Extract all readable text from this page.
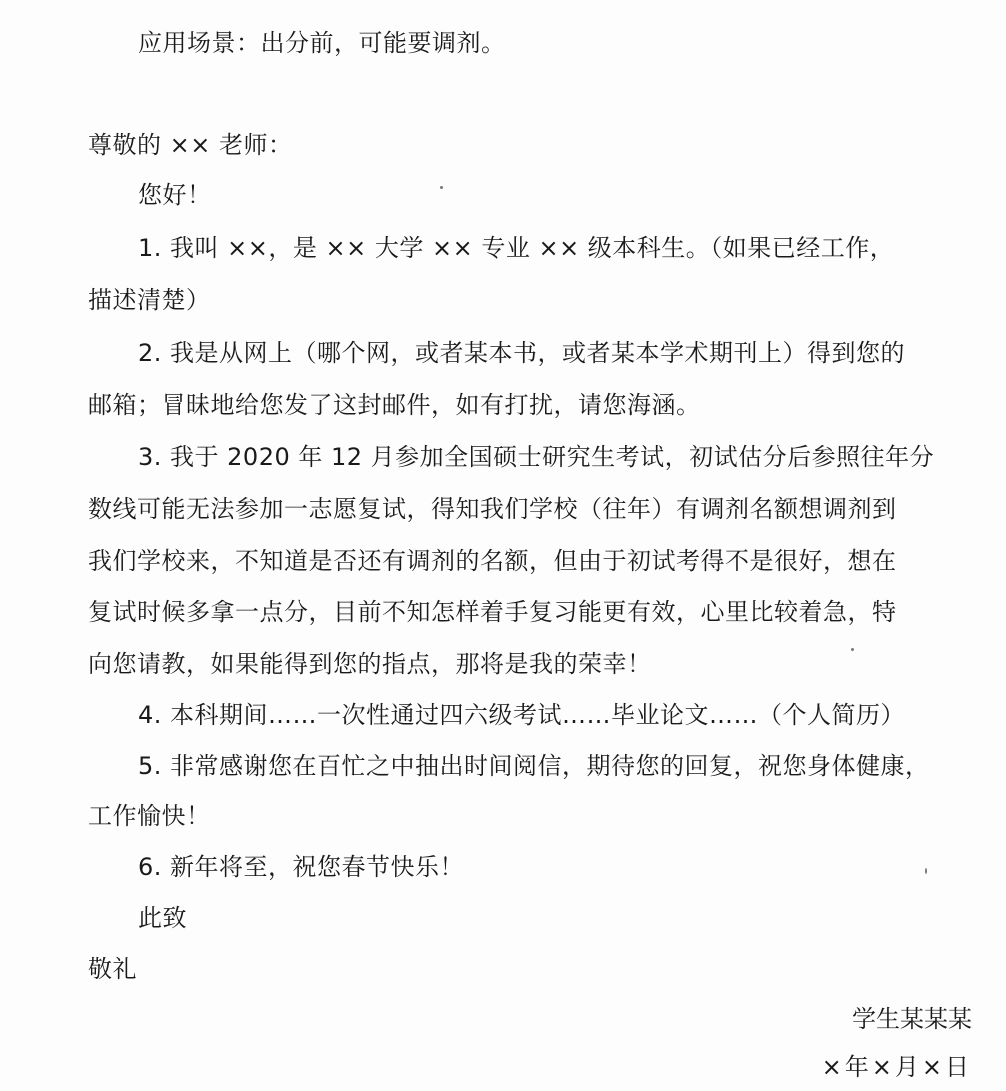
应用场景：出分前，可能要调剂。
尊敬的 ×× 老师：
您好！
1. 我叫 ××，是 ×× 大学 ×× 专业 ×× 级本科生。（如果已经工作，
描述清楚）
2. 我是从网上（哪个网，或者某本书，或者某本学术期刊上）得到您的
邮箱；冒昧地给您发了这封邮件，如有打扰，请您海涵。
3. 我于 2020 年 12 月参加全国硕士研究生考试，初试估分后参照往年分
数线可能无法参加一志愿复试，得知我们学校（往年）有调剂名额想调剂到
我们学校来，不知道是否还有调剂的名额，但由于初试考得不是很好，想在
复试时候多拿一点分，目前不知怎样着手复习能更有效，心里比较着急，特
向您请教，如果能得到您的指点，那将是我的荣幸！
4. 本科期间……一次性通过四六级考试……毕业论文……（个人简历）
5. 非常感谢您在百忙之中抽出时间阅信，期待您的回复，祝您身体健康，
工作愉快！
6. 新年将至，祝您春节快乐！
此致
敬礼
学生某某某
×年×月×日
